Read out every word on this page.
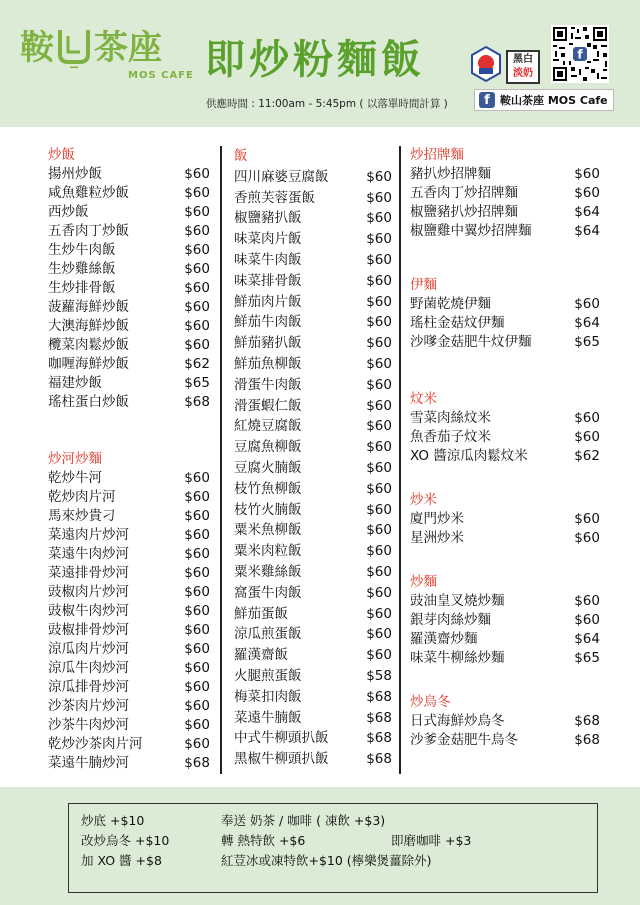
鞍 茶座
MOS CAFE 即炒粉麵飯
供應時間 : 11:00am - 5:45pm ( 以落單時間計算 )
黑白
淡奶
f
f 鞍山茶座 MOS Cafe
炒飯
揚州炒飯	$60
咸魚雞粒炒飯	$60
西炒飯	$60
五香肉丁炒飯	$60
生炒牛肉飯	$60
生炒雞絲飯	$60
生炒排骨飯	$60
菠蘿海鮮炒飯	$60
大澳海鮮炒飯	$60
欖菜肉鬆炒飯	$60
咖喱海鮮炒飯	$62
福建炒飯	$65
瑤柱蛋白炒飯	$68
炒河炒麵
乾炒牛河	$60
乾炒肉片河	$60
馬來炒貴刁	$60
菜遠肉片炒河	$60
菜遠牛肉炒河	$60
菜遠排骨炒河	$60
豉椒肉片炒河	$60
豉椒牛肉炒河	$60
豉椒排骨炒河	$60
涼瓜肉片炒河	$60
涼瓜牛肉炒河	$60
涼瓜排骨炒河	$60
沙茶肉片炒河	$60
沙茶牛肉炒河	$60
乾炒沙茶肉片河	$60
菜遠牛腩炒河	$68
飯
四川麻婆豆腐飯	$60
香煎芙蓉蛋飯	$60
椒鹽豬扒飯	$60
味菜肉片飯	$60
味菜牛肉飯	$60
味菜排骨飯	$60
鮮茄肉片飯	$60
鮮茄牛肉飯	$60
鮮茄豬扒飯	$60
鮮茄魚柳飯	$60
滑蛋牛肉飯	$60
滑蛋蝦仁飯	$60
紅燒豆腐飯	$60
豆腐魚柳飯	$60
豆腐火腩飯	$60
枝竹魚柳飯	$60
枝竹火腩飯	$60
粟米魚柳飯	$60
粟米肉粒飯	$60
粟米雞絲飯	$60
窩蛋牛肉飯	$60
鮮茄蛋飯	$60
涼瓜煎蛋飯	$60
羅漢齋飯	$60
火腿煎蛋飯	$58
梅菜扣肉飯	$68
菜遠牛腩飯	$68
中式牛柳頭扒飯	$68
黑椒牛柳頭扒飯	$68
炒招牌麵
豬扒炒招牌麵	$60
五香肉丁炒招牌麵	$60
椒鹽豬扒炒招牌麵	$64
椒鹽雞中翼炒招牌麵	$64
伊麵
野菌乾燒伊麵	$60
瑤柱金菇炆伊麵	$64
沙嗲金菇肥牛炆伊麵	$65
炆米
雪菜肉絲炆米	$60
魚香茄子炆米	$60
XO 醬涼瓜肉鬆炆米	$62
炒米
廈門炒米	$60
星洲炒米	$60
炒麵
豉油皇叉燒炒麵	$60
銀芽肉絲炒麵	$60
羅漢齋炒麵	$64
味菜牛柳絲炒麵	$65
炒烏冬
日式海鮮炒烏冬	$68
沙爹金菇肥牛烏冬	$68
炒底 +$10	奉送 奶茶 / 咖啡 ( 凍飲 +$3)
改炒烏冬 +$10	轉 熱特飲 +$6	即磨咖啡 +$3
加 XO 醬 +$8	紅荳冰或凍特飲+$10 (檸樂煲薑除外)
